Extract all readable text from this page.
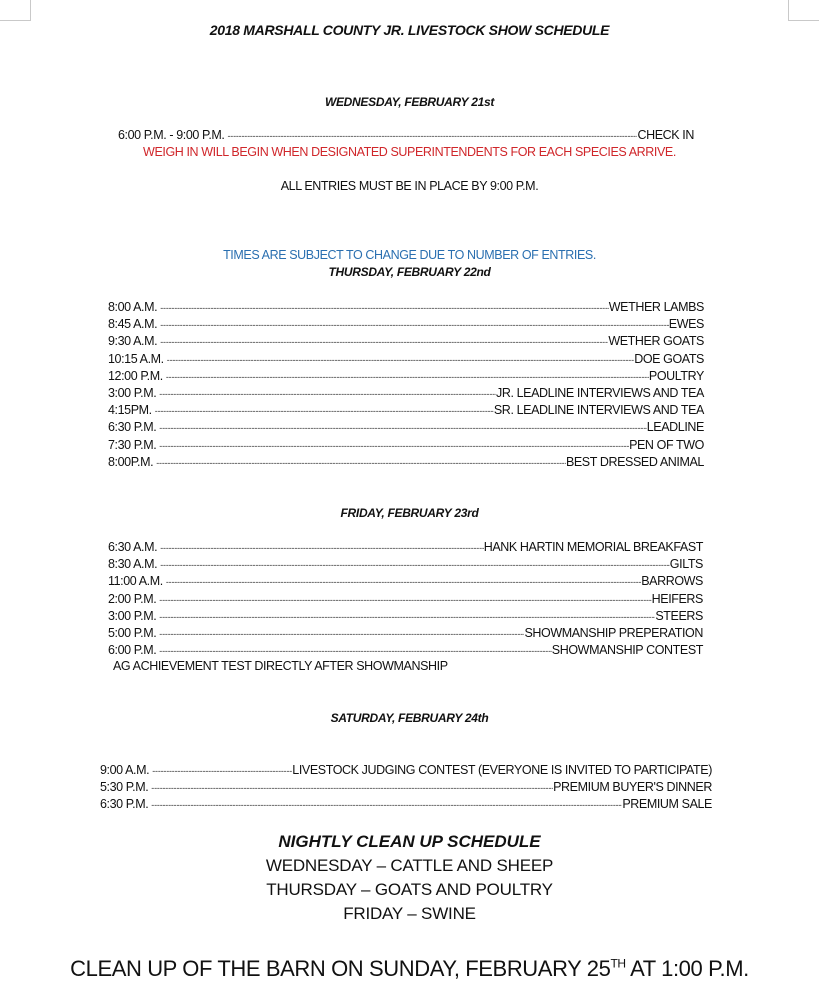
2018 MARSHALL COUNTY JR. LIVESTOCK SHOW SCHEDULE
WEDNESDAY, FEBRUARY 21st
6:00 P.M. - 9:00 P.M. -----	CHECK IN
WEIGH IN WILL BEGIN WHEN DESIGNATED SUPERINTENDENTS FOR EACH SPECIES ARRIVE.
ALL ENTRIES MUST BE IN PLACE BY 9:00 P.M.
TIMES ARE SUBJECT TO CHANGE DUE TO NUMBER OF ENTRIES.
THURSDAY, FEBRUARY 22nd
8:00 A.M. -----	WETHER LAMBS
8:45 A.M. -----	EWES
9:30 A.M. -----	WETHER GOATS
10:15 A.M. -----	DOE GOATS
12:00 P.M. -----	POULTRY
3:00 P.M. -----	JR. LEADLINE INTERVIEWS AND TEA
4:15PM. -----	SR. LEADLINE INTERVIEWS AND TEA
6:30 P.M. -----	LEADLINE
7:30 P.M. -----	PEN OF TWO
8:00P.M. -----	BEST DRESSED ANIMAL
FRIDAY, FEBRUARY 23rd
6:30 A.M. -----	HANK HARTIN MEMORIAL BREAKFAST
8:30 A.M. -----	GILTS
11:00 A.M. -----	BARROWS
2:00 P.M. -----	HEIFERS
3:00 P.M. -----	STEERS
5:00 P.M. -----	SHOWMANSHIP PREPERATION
6:00 P.M. -----	SHOWMANSHIP CONTEST
AG ACHIEVEMENT TEST DIRECTLY AFTER SHOWMANSHIP
SATURDAY, FEBRUARY 24th
9:00 A.M. -----	LIVESTOCK JUDGING CONTEST (EVERYONE IS INVITED TO PARTICIPATE)
5:30 P.M. -----	PREMIUM BUYER'S DINNER
6:30 P.M. -----	PREMIUM SALE
NIGHTLY CLEAN UP SCHEDULE
WEDNESDAY – CATTLE AND SHEEP
THURSDAY – GOATS AND POULTRY
FRIDAY – SWINE
CLEAN UP OF THE BARN ON SUNDAY, FEBRUARY 25TH AT 1:00 P.M.
